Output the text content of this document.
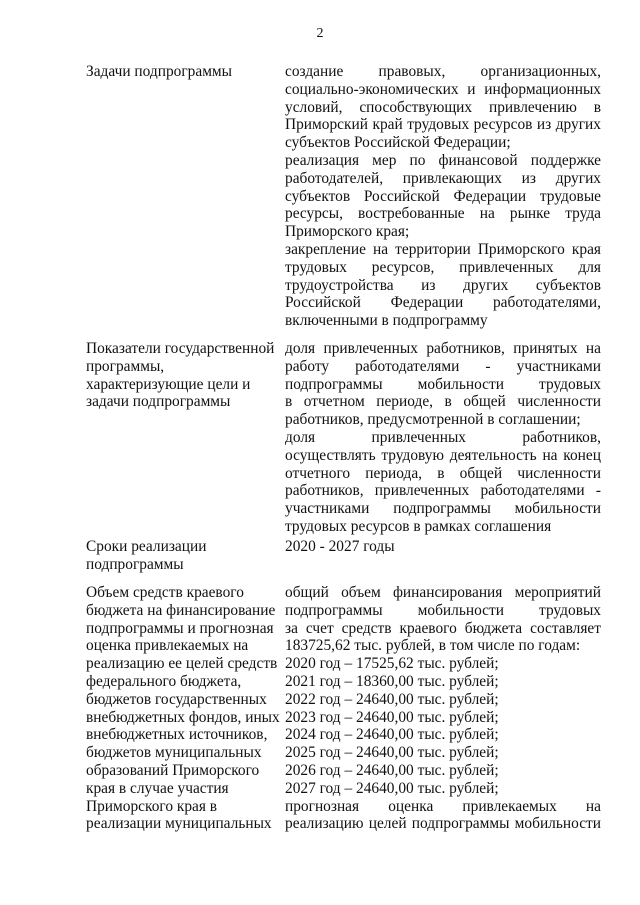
2
Задачи подпрограммы	создание правовых, организационных,
социально-экономических и информационных
условий, способствующих привлечению в
Приморский край трудовых ресурсов из других
субъектов Российской Федерации;
реализация мер по финансовой поддержке
работодателей, привлекающих из других
субъектов Российской Федерации трудовые
ресурсы, востребованные на рынке труда
Приморского края;
закрепление на территории Приморского края
трудовых ресурсов, привлеченных для
трудоустройства из других субъектов
Российской Федерации работодателями,
включенными в подпрограмму
Показатели государственной
программы,
характеризующие цели и
задачи подпрограммы
доля привлеченных работников, принятых на
работу работодателями - участниками
подпрограммы мобильности трудовых
в отчетном периоде, в общей численности
работников, предусмотренной в соглашении;
доля привлеченных работников,
осуществлять трудовую деятельность на конец
отчетного периода, в общей численности
работников, привлеченных работодателями -
участниками подпрограммы мобильности
трудовых ресурсов в рамках соглашения
Сроки реализации
подпрограммы
2020 - 2027 годы
Объем средств краевого
бюджета на финансирование
подпрограммы и прогнозная
оценка привлекаемых на
реализацию ее целей средств
федерального бюджета,
бюджетов государственных
внебюджетных фондов, иных
внебюджетных источников,
бюджетов муниципальных
образований Приморского
края в случае участия
Приморского края в
реализации муниципальных
общий объем финансирования мероприятий
подпрограммы мобильности трудовых
за счет средств краевого бюджета составляет
183725,62 тыс. рублей, в том числе по годам:
2020 год – 17525,62 тыс. рублей;
2021 год – 18360,00 тыс. рублей;
2022 год – 24640,00 тыс. рублей;
2023 год – 24640,00 тыс. рублей;
2024 год – 24640,00 тыс. рублей;
2025 год – 24640,00 тыс. рублей;
2026 год – 24640,00 тыс. рублей;
2027 год – 24640,00 тыс. рублей;
прогнозная оценка привлекаемых на
реализацию целей подпрограммы мобильности
